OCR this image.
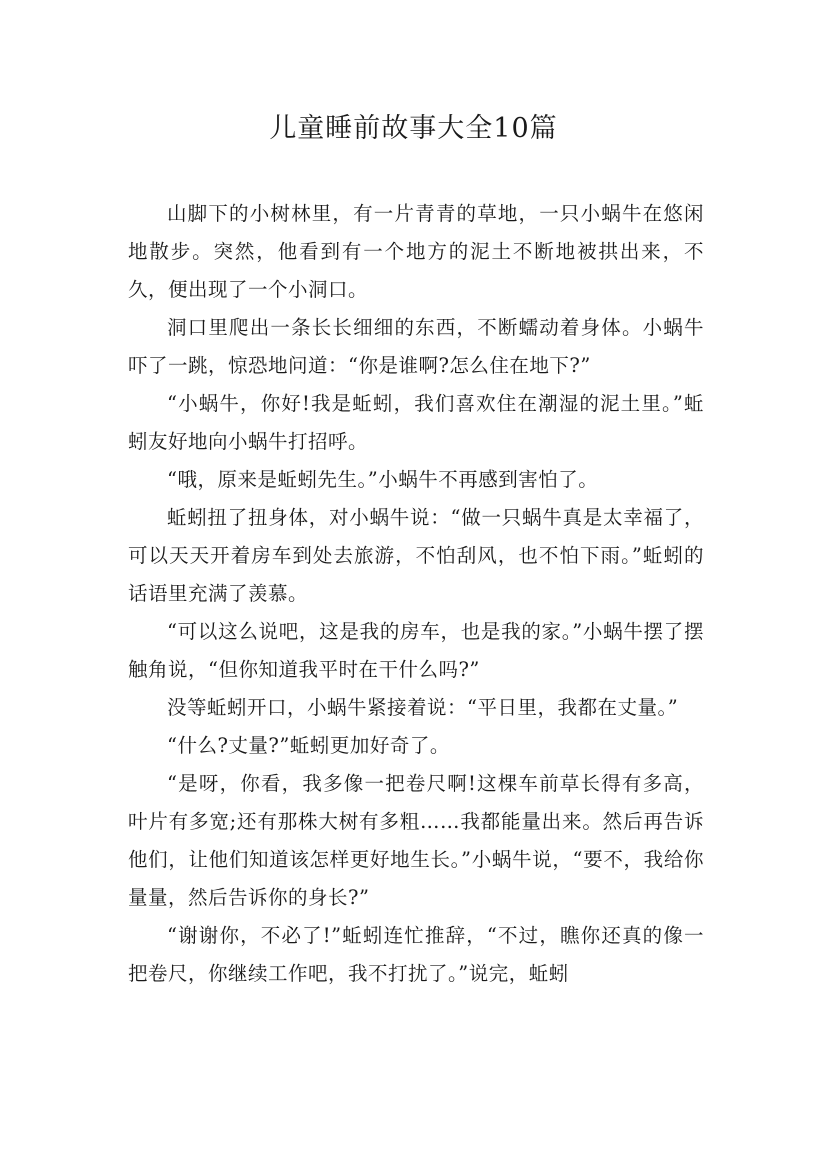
儿童睡前故事大全10篇

山脚下的小树林里，有一片青青的草地，一只小蜗牛在悠闲地散步。突然，他看到有一个地方的泥土不断地被拱出来，不久，便出现了一个小洞口。

洞口里爬出一条长长细细的东西，不断蠕动着身体。小蜗牛吓了一跳，惊恐地问道：“你是谁啊?怎么住在地下?”

“小蜗牛，你好!我是蚯蚓，我们喜欢住在潮湿的泥土里。”蚯蚓友好地向小蜗牛打招呼。

“哦，原来是蚯蚓先生。”小蜗牛不再感到害怕了。

蚯蚓扭了扭身体，对小蜗牛说：“做一只蜗牛真是太幸福了，可以天天开着房车到处去旅游，不怕刮风，也不怕下雨。”蚯蚓的话语里充满了羡慕。

“可以这么说吧，这是我的房车，也是我的家。”小蜗牛摆了摆触角说，“但你知道我平时在干什么吗?”

没等蚯蚓开口，小蜗牛紧接着说：“平日里，我都在丈量。”

“什么?丈量?”蚯蚓更加好奇了。

“是呀，你看，我多像一把卷尺啊!这棵车前草长得有多高，叶片有多宽;还有那株大树有多粗……我都能量出来。然后再告诉他们，让他们知道该怎样更好地生长。”小蜗牛说，“要不，我给你量量，然后告诉你的身长?”

“谢谢你，不必了!”蚯蚓连忙推辞，“不过，瞧你还真的像一把卷尺，你继续工作吧，我不打扰了。”说完，蚯蚓
